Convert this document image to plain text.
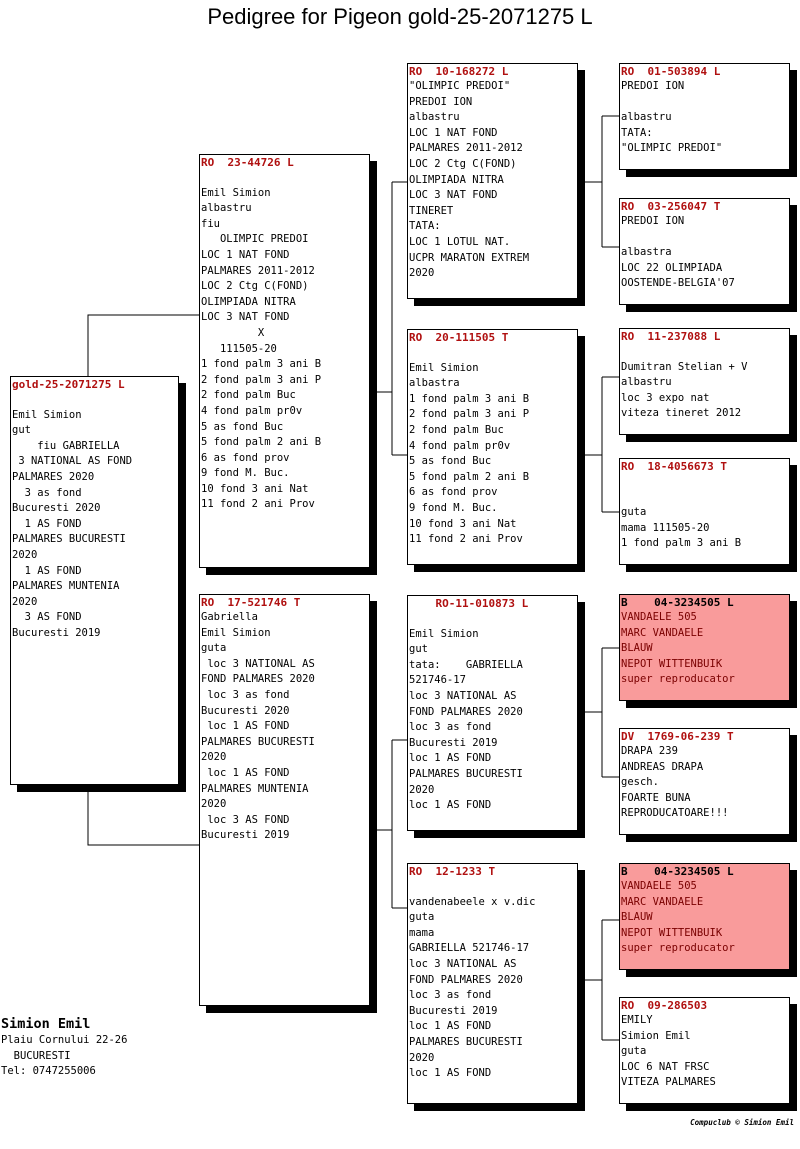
Pedigree for Pigeon gold-25-2071275 L
gold-25-2071275 L

Emil Simion
gut
fiu GABRIELLA
3 NATIONAL AS FOND
PALMARES 2020
3 as fond
Bucuresti 2020
1 AS FOND
PALMARES BUCURESTI
2020
1 AS FOND
PALMARES MUNTENIA
2020
3 AS FOND
Bucuresti 2019
RO  23-44726 L

Emil Simion
albastru
fiu
OLIMPIC PREDOI
LOC 1 NAT FOND
PALMARES 2011-2012
LOC 2 Ctg C(FOND)
OLIMPIADA NITRA
LOC 3 NAT FOND
X
111505-20
1 fond palm 3 ani B
2 fond palm 3 ani P
2 fond palm Buc
4 fond palm pr0v
5 as fond Buc
5 fond palm 2 ani B
6 as fond prov
9 fond M. Buc.
10 fond 3 ani Nat
11 fond 2 ani Prov
RO  17-521746 T
Gabriella
Emil Simion
guta
loc 3 NATIONAL AS
FOND PALMARES 2020
loc 3 as fond
Bucuresti 2020
loc 1 AS FOND
PALMARES BUCURESTI
2020
loc 1 AS FOND
PALMARES MUNTENIA
2020
loc 3 AS FOND
Bucuresti 2019
RO  10-168272 L
"OLIMPIC PREDOI"
PREDOI ION
albastru
LOC 1 NAT FOND
PALMARES 2011-2012
LOC 2 Ctg C(FOND)
OLIMPIADA NITRA
LOC 3 NAT FOND
TINERET
TATA:
LOC 1 LOTUL NAT.
UCPR MARATON EXTREM
2020
RO  20-111505 T

Emil Simion
albastra
1 fond palm 3 ani B
2 fond palm 3 ani P
2 fond palm Buc
4 fond palm pr0v
5 as fond Buc
5 fond palm 2 ani B
6 as fond prov
9 fond M. Buc.
10 fond 3 ani Nat
11 fond 2 ani Prov
RO-11-010873 L

Emil Simion
gut
tata:    GABRIELLA
521746-17
loc 3 NATIONAL AS
FOND PALMARES 2020
loc 3 as fond
Bucuresti 2019
loc 1 AS FOND
PALMARES BUCURESTI
2020
loc 1 AS FOND
RO  12-1233 T

vandenabeele x v.dic
guta
mama
GABRIELLA 521746-17
loc 3 NATIONAL AS
FOND PALMARES 2020
loc 3 as fond
Bucuresti 2019
loc 1 AS FOND
PALMARES BUCURESTI
2020
loc 1 AS FOND
RO  01-503894 L
PREDOI ION

albastru
TATA:
"OLIMPIC PREDOI"
RO  03-256047 T
PREDOI ION

albastra
LOC 22 OLIMPIADA
OOSTENDE-BELGIA'07
RO  11-237088 L

Dumitran Stelian + V
albastru
loc 3 expo nat
viteza tineret 2012
RO  18-4056673 T

guta
mama 111505-20
1 fond palm 3 ani B
B    04-3234505 L
VANDAELE 505
MARC VANDAELE
BLAUW
NEPOT WITTENBUIK
super reproducator
DV  1769-06-239 T
DRAPA 239
ANDREAS DRAPA
gesch.
FOARTE BUNA
REPRODUCATOARE!!!
B    04-3234505 L
VANDAELE 505
MARC VANDAELE
BLAUW
NEPOT WITTENBUIK
super reproducator
RO  09-286503
EMILY
Simion Emil
guta
LOC 6 NAT FRSC
VITEZA PALMARES
Simion Emil
Plaiu Cornului 22-26
BUCURESTI
Tel: 0747255006
Compuclub © Simion Emil
